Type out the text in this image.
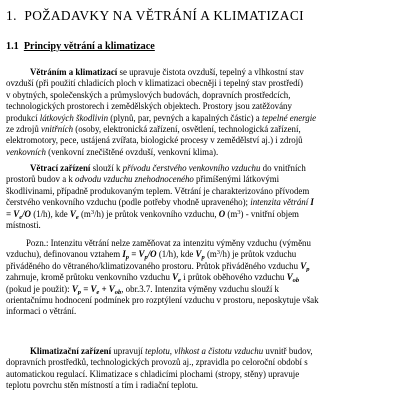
1. POŽADAVKY NA VĚTRÁNÍ A KLIMATIZACI
1.1 Principy větrání a klimatizace
Větráním a klimatizací se upravuje čistota ovzduší, tepelný a vlhkostní stav
ovzduší (při použití chladicích ploch v klimatizaci obecněji i tepelný stav prostředí)
v obytných, společenských a průmyslových budovách, dopravních prostředcích,
technologických prostorech i zemědělských objektech. Prostory jsou zatěžovány
produkcí látkových škodlivin (plynů, par, pevných a kapalných částic) a tepelné energie
ze zdrojů vnitřních (osoby, elektronická zařízení, osvětlení, technologická zařízení,
elektromotory, pece, ustájená zvířata, biologické procesy v zemědělství aj.) i zdrojů
venkovních (venkovní znečištěné ovzduší, venkovní klima).
Větrací zařízení slouží k přívodu čerstvého venkovního vzduchu do vnitřních
prostorů budov a k odvodu vzduchu znehodnoceného přimíšenými látkovými
škodlivinami, případně produkovaným teplem. Větrání je charakterizováno přívodem
čerstvého venkovního vzduchu (podle potřeby vhodně upraveného); intenzita větrání I
= $V_e/O$ (1/h), kde $V_e$ $(m^3/h)$ je průtok venkovního vzduchu, O $(m^3)$ - vnitřní objem
místnosti.
Pozn.: Intenzitu větrání nelze zaměňovat za intenzitu výměny vzduchu (výměnu
vzduchu), definovanou vztahem $I_p = V_p/O$ (1/h), kde $V_p$ $(m^3/h)$ je průtok vzduchu
přiváděného do větraného/klimatizovaného prostoru. Průtok přiváděného vzduchu $V_p$
zahrnuje, kromě průtoku venkovního vzduchu $V_e$ i průtok oběhového vzduchu $V_{ob}$
(pokud je použit): $V_p = V_e + V_{ob}$, obr.3.7. Intenzita výměny vzduchu slouží k
orientačnímu hodnocení podmínek pro rozptýlení vzduchu v prostoru, neposkytuje však
informaci o větrání.
Klimatizační zařízení upravují teplotu, vlhkost a čistotu vzduchu uvnitř budov,
dopravních prostředků, technologických provozů aj., zpravidla po celoroční období s
automatickou regulací. Klimatizace s chladicími plochami (stropy, stěny) upravuje
teplotu povrchu stěn místností a tím i radiační teplotu.
